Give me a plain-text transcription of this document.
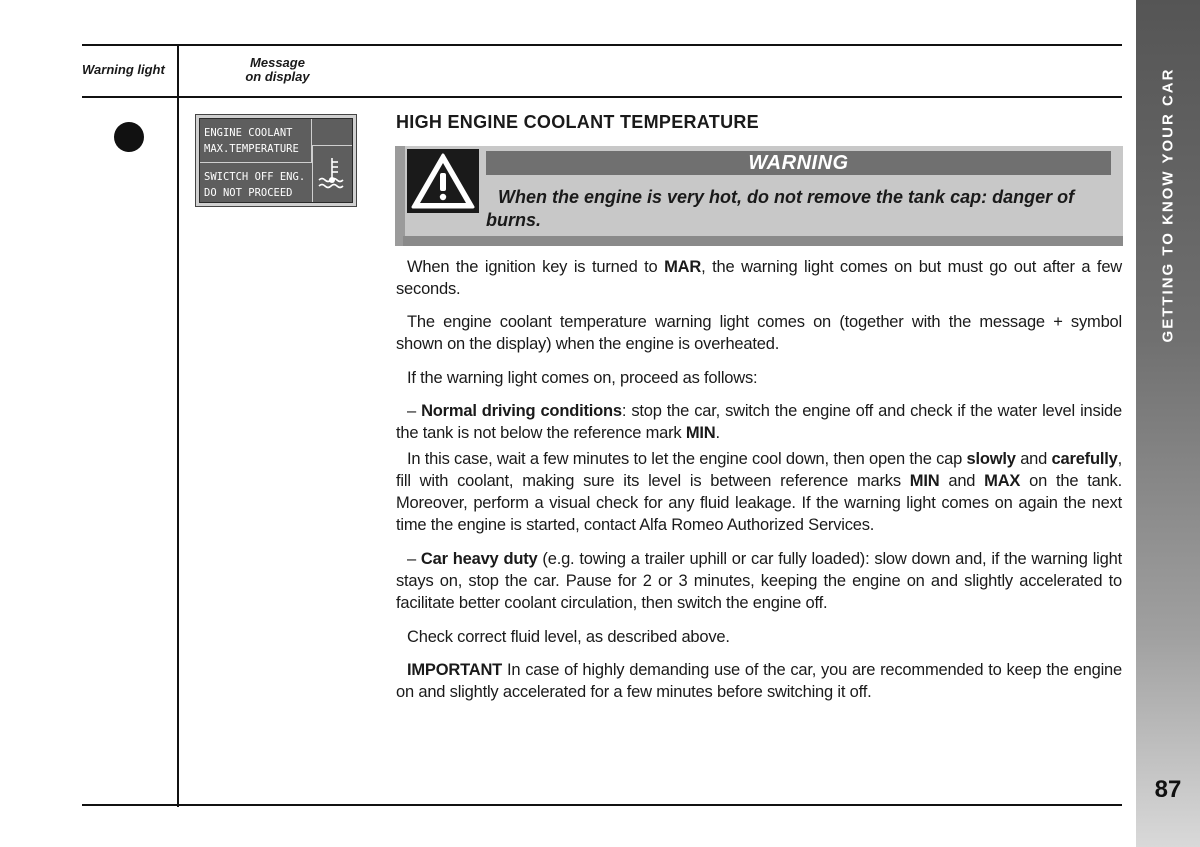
GETTING TO KNOW YOUR CAR
87
Warning light	Message
on display
ENGINE COOLANT
MAX.TEMPERATURE
SWICTCH OFF ENG.
DO NOT PROCEED
HIGH ENGINE COOLANT TEMPERATURE
WARNING
When the engine is very hot, do not remove the tank cap: danger of burns.
When the ignition key is turned to MAR, the warning light comes on but must go out after a few seconds.
The engine coolant temperature warning light comes on (together with the message + symbol shown on the display) when the engine is overheated.
If the warning light comes on, proceed as follows:
– Normal driving conditions: stop the car, switch the engine off and check if the water level inside the tank is not below the reference mark MIN.
In this case, wait a few minutes to let the engine cool down, then open the cap slowly and carefully, fill with coolant, making sure its level is between reference marks MIN and MAX on the tank. Moreover, perform a visual check for any fluid leakage. If the warning light comes on again the next time the engine is started, contact Alfa Romeo Authorized Services.
– Car heavy duty (e.g. towing a trailer uphill or car fully loaded): slow down and, if the warning light stays on, stop the car. Pause for 2 or 3 minutes, keeping the engine on and slightly accelerated to facilitate better coolant circulation, then switch the engine off.
Check correct fluid level, as described above.
IMPORTANT In case of highly demanding use of the car, you are recommended to keep the engine on and slightly accelerated for a few minutes before switching it off.
